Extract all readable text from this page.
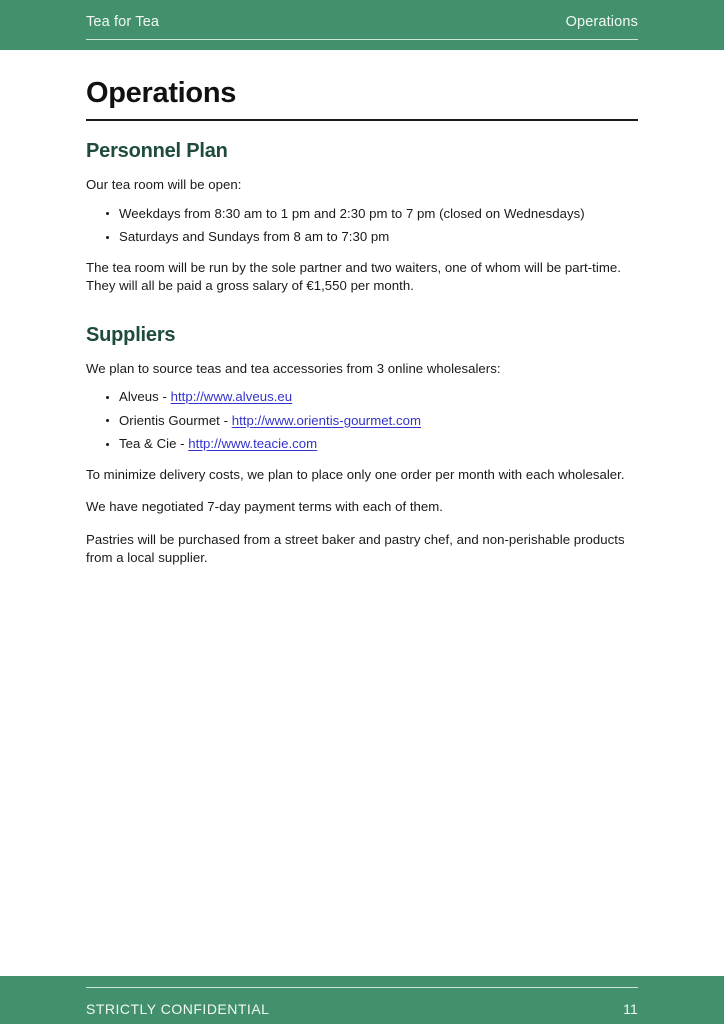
Tea for Tea	Operations
Operations
Personnel Plan

Our tea room will be open:

Weekdays from 8:30 am to 1 pm and 2:30 pm to 7 pm (closed on Wednesdays)
Saturdays and Sundays from 8 am to 7:30 pm

The tea room will be run by the sole partner and two waiters, one of whom will be part-time. They will all be paid a gross salary of €1,550 per month.

Suppliers

We plan to source teas and tea accessories from 3 online wholesalers:

Alveus - http://www.alveus.eu
Orientis Gourmet - http://www.orientis-gourmet.com
Tea & Cie - http://www.teacie.com

To minimize delivery costs, we plan to place only one order per month with each wholesaler.

We have negotiated 7-day payment terms with each of them.

Pastries will be purchased from a street baker and pastry chef, and non-perishable products from a local supplier.

STRICTLY CONFIDENTIAL	11
